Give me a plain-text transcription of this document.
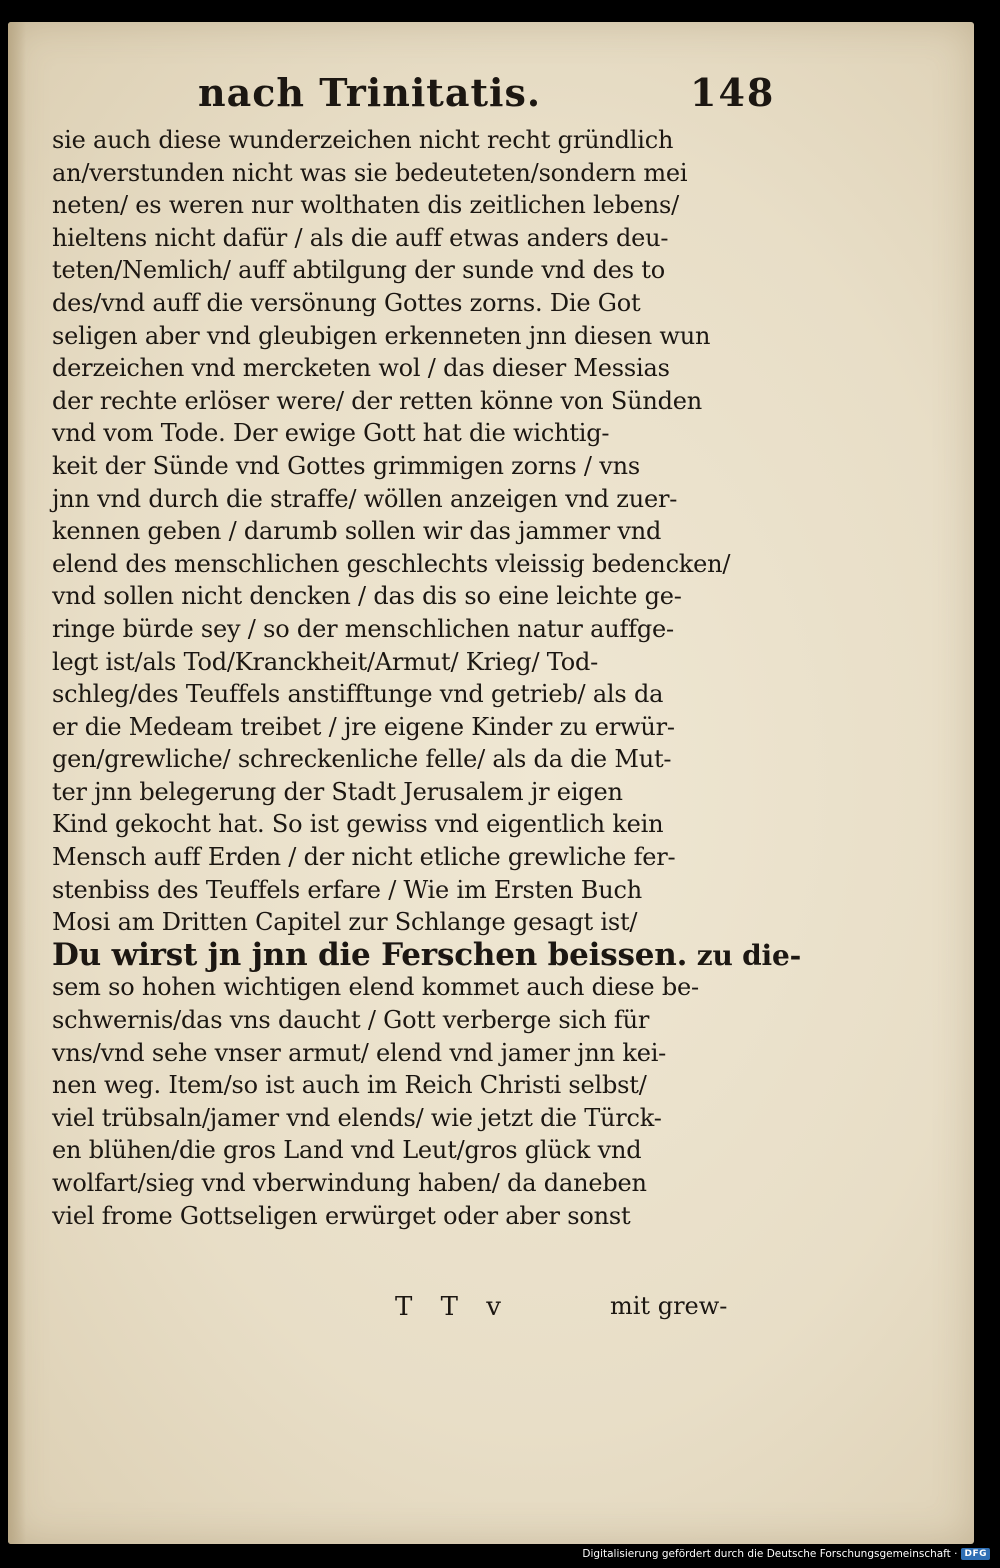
nach Trinitatis.	148
sie auch diese wunderzeichen nicht recht gründlich
an/verstunden nicht was sie bedeuteten/sondern mei
neten/ es weren nur wolthaten dis zeitlichen lebens/
hieltens nicht dafür / als die auff etwas anders deu-
teten/Nemlich/ auff abtilgung der sunde vnd des to
des/vnd auff die versönung Gottes zorns. Die Got
seligen aber vnd gleubigen erkenneten jnn diesen wun
derzeichen vnd mercketen wol / das dieser Messias
der rechte erlöser were/ der retten könne von Sünden
vnd vom Tode. Der ewige Gott hat die wichtig-
keit der Sünde vnd Gottes grimmigen zorns / vns
jnn vnd durch die straffe/ wöllen anzeigen vnd zuer-
kennen geben / darumb sollen wir das jammer vnd
elend des menschlichen geschlechts vleissig bedencken/
vnd sollen nicht dencken / das dis so eine leichte ge-
ringe bürde sey / so der menschlichen natur auffge-
legt ist/als Tod/Kranckheit/Armut/ Krieg/ Tod-
schleg/des Teuffels anstifftunge vnd getrieb/ als da
er die Medeam treibet / jre eigene Kinder zu erwür-
gen/grewliche/ schreckenliche felle/ als da die Mut-
ter jnn belegerung der Stadt Jerusalem jr eigen
Kind gekocht hat. So ist gewiss vnd eigentlich kein
Mensch auff Erden / der nicht etliche grewliche fer-
stenbiss des Teuffels erfare / Wie im Ersten Buch
Mosi am Dritten Capitel zur Schlange gesagt ist/
Du wirst jn jnn die Ferschen beissen. zu die-
sem so hohen wichtigen elend kommet auch diese be-
schwernis/das vns daucht / Gott verberge sich für
vns/vnd sehe vnser armut/ elend vnd jamer jnn kei-
nen weg. Item/so ist auch im Reich Christi selbst/
viel trübsaln/jamer vnd elends/ wie jetzt die Türck-
en blühen/die gros Land vnd Leut/gros glück vnd
wolfart/sieg vnd vberwindung haben/ da daneben
viel frome Gottseligen erwürget oder aber sonst
T T v	mit grew-
Digitalisierung gefördert durch die Deutsche Forschungsgemeinschaft · DFG
